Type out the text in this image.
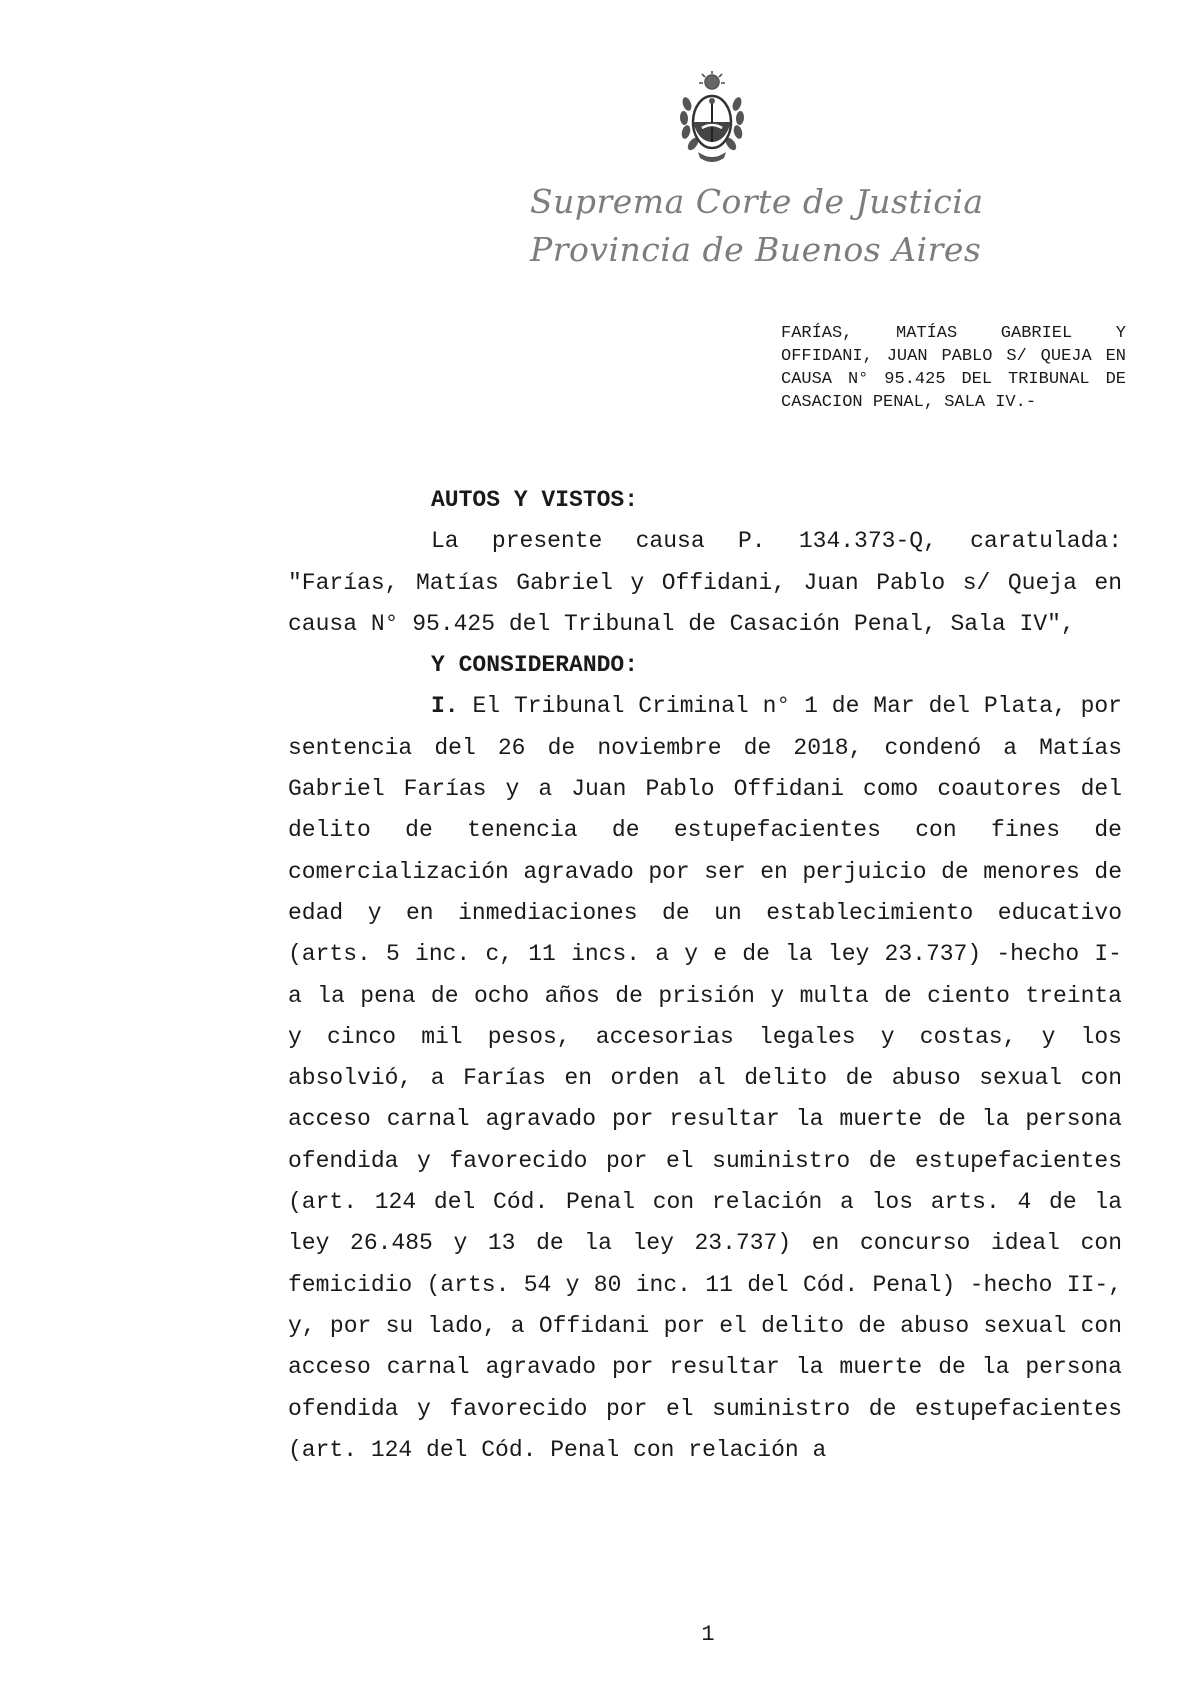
Suprema Corte de Justicia
Provincia de Buenos Aires
FARÍAS, MATÍAS GABRIEL Y OFFIDANI, JUAN PABLO S/ QUEJA EN CAUSA N° 95.425 DEL TRIBUNAL DE CASACION PENAL, SALA IV.-

AUTOS Y VISTOS:

La presente causa P. 134.373-Q, caratulada: "Farías, Matías Gabriel y Offidani, Juan Pablo s/ Queja en causa N° 95.425 del Tribunal de Casación Penal, Sala IV",

Y CONSIDERANDO:

I. El Tribunal Criminal n° 1 de Mar del Plata, por sentencia del 26 de noviembre de 2018, condenó a Matías Gabriel Farías y a Juan Pablo Offidani como coautores del delito de tenencia de estupefacientes con fines de comercialización agravado por ser en perjuicio de menores de edad y en inmediaciones de un establecimiento educativo (arts. 5 inc. c, 11 incs. a y e de la ley 23.737) -hecho I- a la pena de ocho años de prisión y multa de ciento treinta y cinco mil pesos, accesorias legales y costas, y los absolvió, a Farías en orden al delito de abuso sexual con acceso carnal agravado por resultar la muerte de la persona ofendida y favorecido por el suministro de estupefacientes (art. 124 del Cód. Penal con relación a los arts. 4 de la ley 26.485 y 13 de la ley 23.737) en concurso ideal con femicidio (arts. 54 y 80 inc. 11 del Cód. Penal) -hecho II-, y, por su lado, a Offidani por el delito de abuso sexual con acceso carnal agravado por resultar la muerte de la persona ofendida y favorecido por el suministro de estupefacientes (art. 124 del Cód. Penal con relación a

1
